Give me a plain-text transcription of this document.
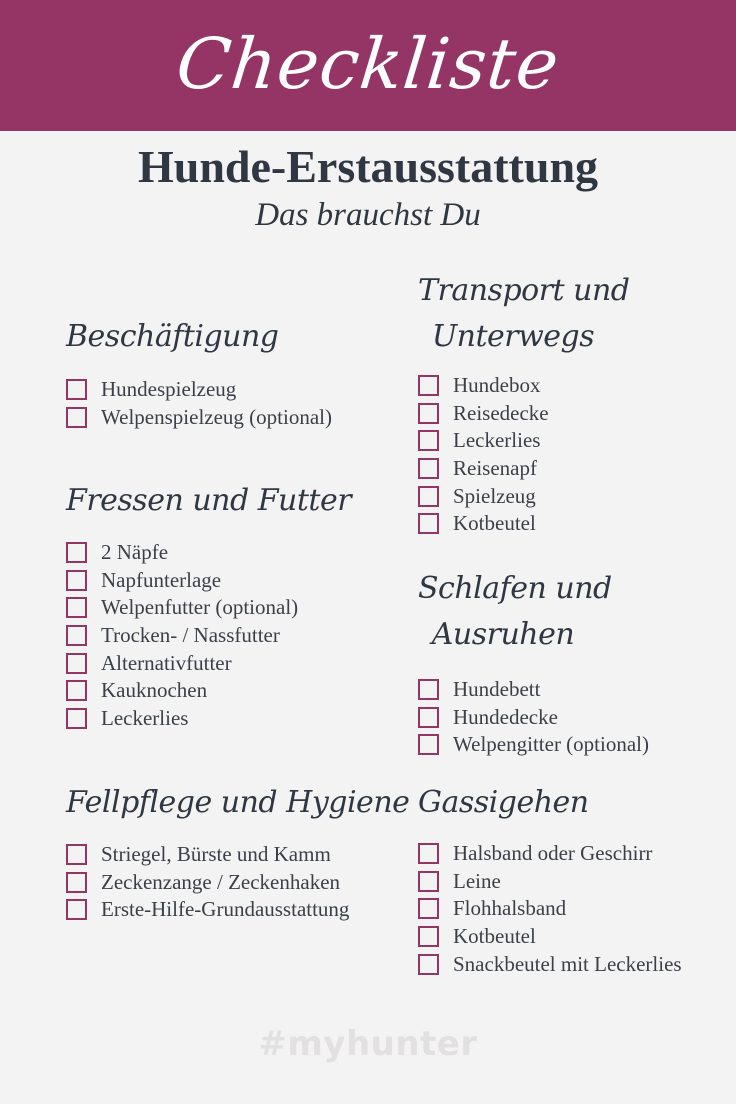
Checkliste
Hunde-Erstausstattung

Das brauchst Du

Beschäftigung
Hundespielzeug
Welpenspielzeug (optional)
Fressen und Futter
2 Näpfe
Napfunterlage
Welpenfutter (optional)
Trocken- / Nassfutter
Alternativfutter
Kauknochen
Leckerlies
Fellpflege und Hygiene
Striegel, Bürste und Kamm
Zeckenzange / Zeckenhaken
Erste-Hilfe-Grundausstattung
Transport und
Unterwegs
Hundebox
Reisedecke
Leckerlies
Reisenapf
Spielzeug
Kotbeutel
Schlafen und
Ausruhen
Hundebett
Hundedecke
Welpengitter (optional)
Gassigehen
Halsband oder Geschirr
Leine
Flohhalsband
Kotbeutel
Snackbeutel mit Leckerlies
#myhunter
